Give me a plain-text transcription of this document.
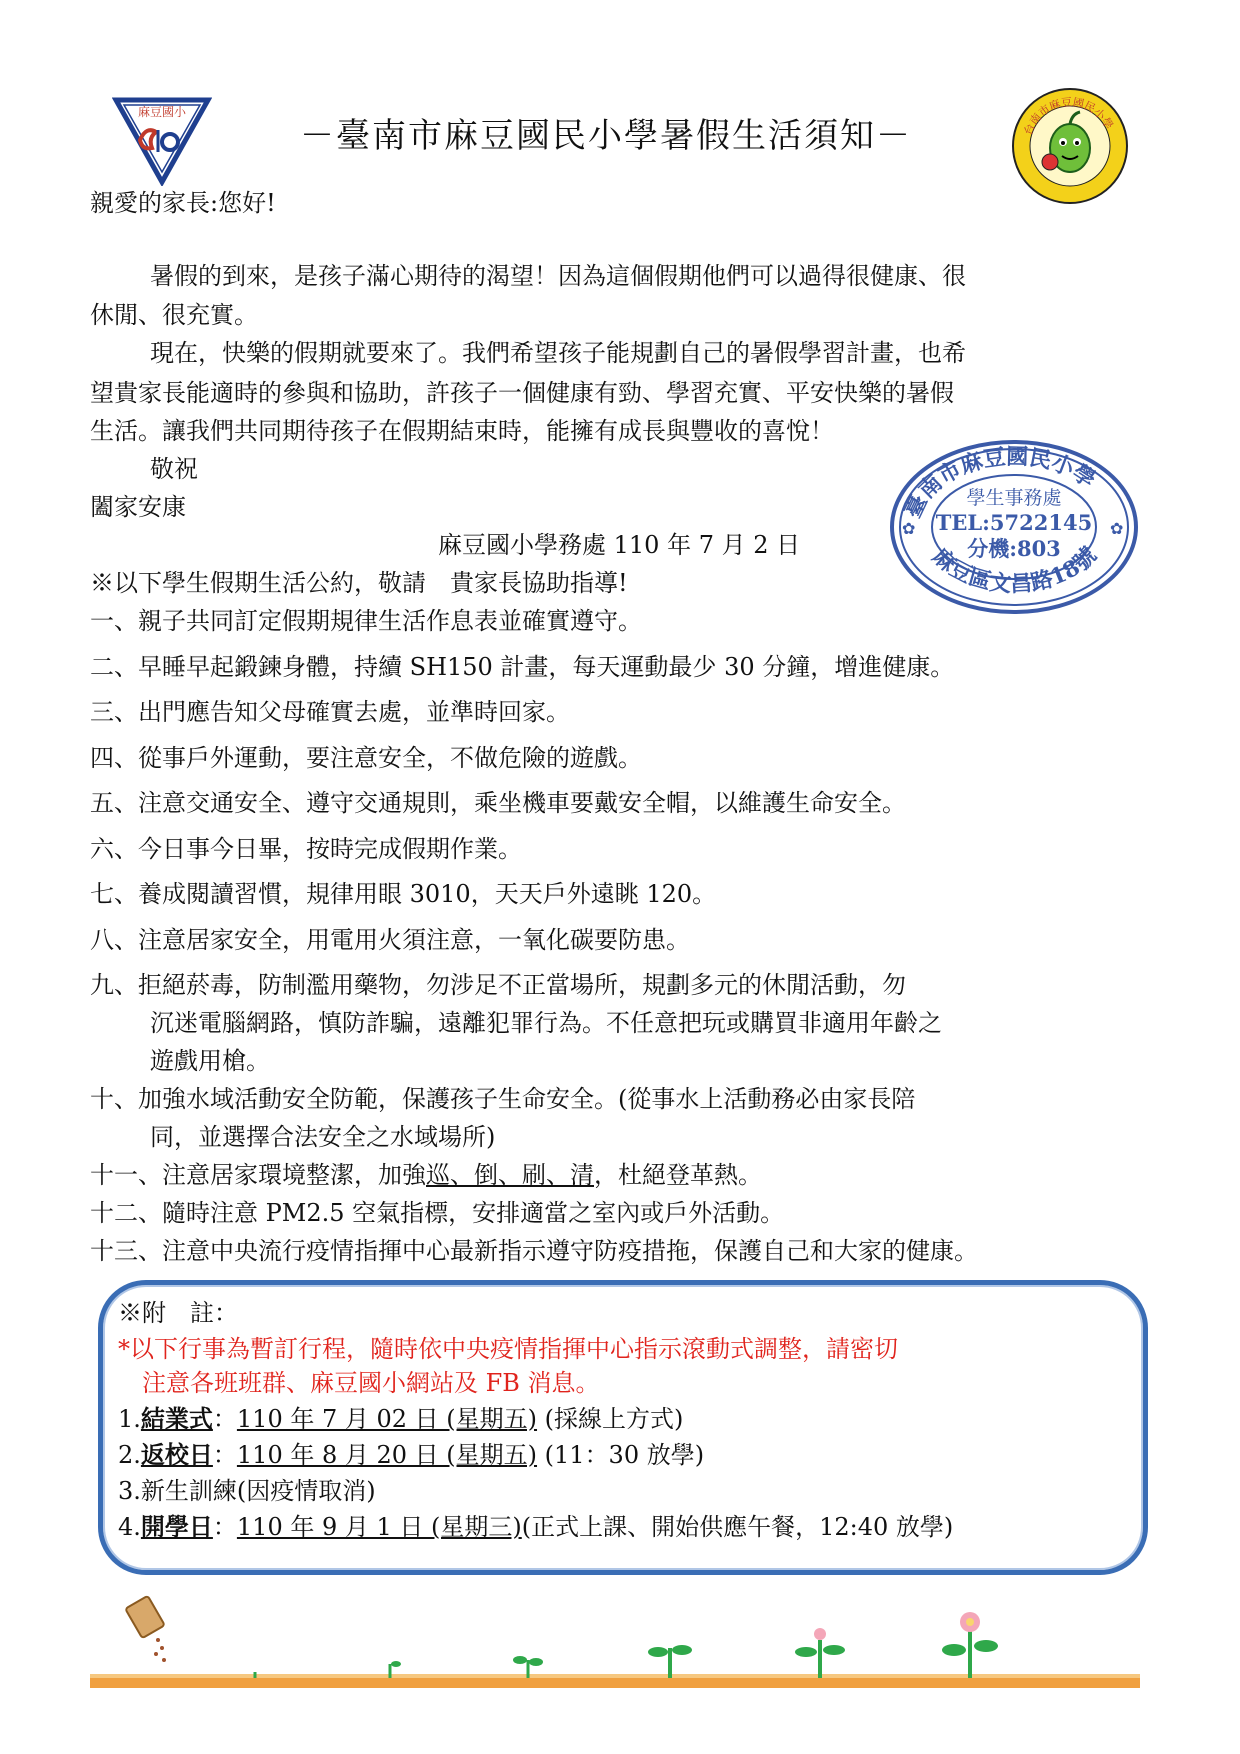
麻豆國小
－臺南市麻豆國民小學暑假生活須知－	台南市麻豆國民小學
親愛的家長:您好!
暑假的到來，是孩子滿心期待的渴望！因為這個假期他們可以過得很健康、很
休閒、很充實。
現在，快樂的假期就要來了。我們希望孩子能規劃自己的暑假學習計畫，也希
望貴家長能適時的參與和協助，許孩子一個健康有勁、學習充實、平安快樂的暑假
生活。讓我們共同期待孩子在假期結束時，能擁有成長與豐收的喜悅！
敬祝
闔家安康
麻豆國小學務處 110 年 7 月 2 日
臺南市麻豆國民小學
麻豆區文昌路18號
學生事務處
TEL:5722145
分機:803
✿	✿
※以下學生假期生活公約，敬請　貴家長協助指導!
一、親子共同訂定假期規律生活作息表並確實遵守。
二、早睡早起鍛鍊身體，持續 SH150 計畫，每天運動最少 30 分鐘，增進健康。
三、出門應告知父母確實去處，並準時回家。
四、從事戶外運動，要注意安全，不做危險的遊戲。
五、注意交通安全、遵守交通規則，乘坐機車要戴安全帽，以維護生命安全。
六、今日事今日畢，按時完成假期作業。
七、養成閱讀習慣，規律用眼 3010，天天戶外遠眺 120。
八、注意居家安全，用電用火須注意，一氧化碳要防患。
九、拒絕菸毒，防制濫用藥物，勿涉足不正當場所，規劃多元的休閒活動，勿
沉迷電腦網路，慎防詐騙，遠離犯罪行為。不任意把玩或購買非適用年齡之
遊戲用槍。
十、加強水域活動安全防範，保護孩子生命安全。(從事水上活動務必由家長陪
同，並選擇合法安全之水域場所)
十一、注意居家環境整潔，加強巡、倒、刷、清，杜絕登革熱。
十二、隨時注意 PM2.5 空氣指標，安排適當之室內或戶外活動。
十三、注意中央流行疫情指揮中心最新指示遵守防疫措拖，保護自己和大家的健康。
※附　註：
*以下行事為暫訂行程，隨時依中央疫情指揮中心指示滾動式調整，請密切
注意各班班群、麻豆國小網站及 FB 消息。
1.結業式：110 年 7 月 02 日 (星期五) (採線上方式)
2.返校日：110 年 8 月 20 日 (星期五) (11：30 放學)
3.新生訓練(因疫情取消)
4.開學日：110 年 9 月 1 日 (星期三)(正式上課、開始供應午餐，12:40 放學)
